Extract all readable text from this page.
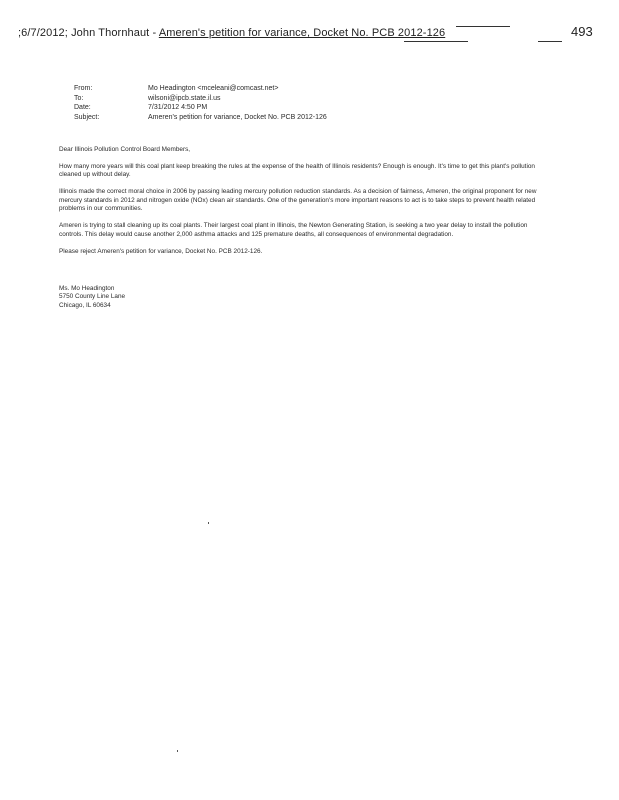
;6/7/2012; John Thornhaut - Ameren's petition for variance, Docket No. PCB 2012-126	493
From:	Mo Headington <mceleani@comcast.net>
To:	wilsoni@ipcb.state.il.us
Date:	7/31/2012 4:50 PM
Subject:	Ameren's petition for variance, Docket No. PCB 2012-126

Dear Illinois Pollution Control Board Members,

How many more years will this coal plant keep breaking the rules at the expense of the health of Illinois residents? Enough is enough. It's time to get this plant's pollution cleaned up without delay.

Illinois made the correct moral choice in 2006 by passing leading mercury pollution reduction standards. As a decision of fairness, Ameren, the original proponent for new mercury standards in 2012 and nitrogen oxide (NOx) clean air standards. One of the generation's more important reasons to act is to take steps to prevent health related problems in our communities.

Ameren is trying to stall cleaning up its coal plants. Their largest coal plant in Illinois, the Newton Generating Station, is seeking a two year delay to install the pollution controls. This delay would cause another 2,000 asthma attacks and 125 premature deaths, all consequences of environmental degradation.

Please reject Ameren's petition for variance, Docket No. PCB 2012-126.

Ms. Mo Headington
5750 County Line Lane
Chicago, IL 60634
